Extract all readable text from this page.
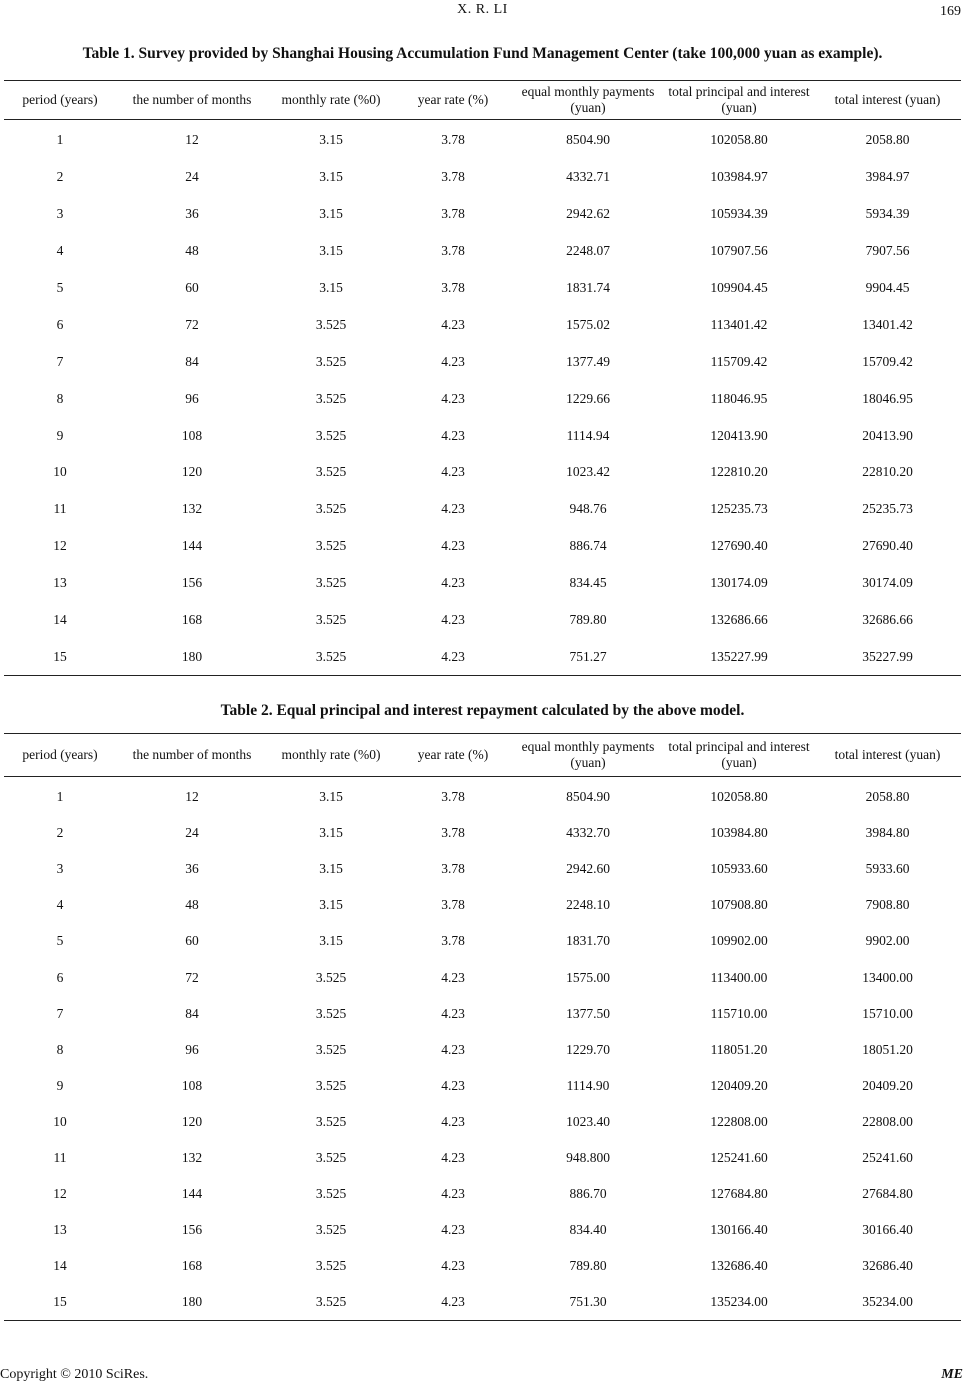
X. R. LI	169
Table 1. Survey provided by Shanghai Housing Accumulation Fund Management Center (take 100,000 yuan as example).
period (years)	the number of months	monthly rate (%0)	year rate (%)	equal monthly payments (yuan)	total principal and interest (yuan)	total interest (yuan)
1	12	3.15	3.78	8504.90	102058.80	2058.80
2	24	3.15	3.78	4332.71	103984.97	3984.97
3	36	3.15	3.78	2942.62	105934.39	5934.39
4	48	3.15	3.78	2248.07	107907.56	7907.56
5	60	3.15	3.78	1831.74	109904.45	9904.45
6	72	3.525	4.23	1575.02	113401.42	13401.42
7	84	3.525	4.23	1377.49	115709.42	15709.42
8	96	3.525	4.23	1229.66	118046.95	18046.95
9	108	3.525	4.23	1114.94	120413.90	20413.90
10	120	3.525	4.23	1023.42	122810.20	22810.20
11	132	3.525	4.23	948.76	125235.73	25235.73
12	144	3.525	4.23	886.74	127690.40	27690.40
13	156	3.525	4.23	834.45	130174.09	30174.09
14	168	3.525	4.23	789.80	132686.66	32686.66
15	180	3.525	4.23	751.27	135227.99	35227.99
Table 2. Equal principal and interest repayment calculated by the above model.
period (years)	the number of months	monthly rate (%0)	year rate (%)	equal monthly payments (yuan)	total principal and interest (yuan)	total interest (yuan)
1	12	3.15	3.78	8504.90	102058.80	2058.80
2	24	3.15	3.78	4332.70	103984.80	3984.80
3	36	3.15	3.78	2942.60	105933.60	5933.60
4	48	3.15	3.78	2248.10	107908.80	7908.80
5	60	3.15	3.78	1831.70	109902.00	9902.00
6	72	3.525	4.23	1575.00	113400.00	13400.00
7	84	3.525	4.23	1377.50	115710.00	15710.00
8	96	3.525	4.23	1229.70	118051.20	18051.20
9	108	3.525	4.23	1114.90	120409.20	20409.20
10	120	3.525	4.23	1023.40	122808.00	22808.00
11	132	3.525	4.23	948.800	125241.60	25241.60
12	144	3.525	4.23	886.70	127684.80	27684.80
13	156	3.525	4.23	834.40	130166.40	30166.40
14	168	3.525	4.23	789.80	132686.40	32686.40
15	180	3.525	4.23	751.30	135234.00	35234.00
Copyright © 2010 SciRes.	ME
